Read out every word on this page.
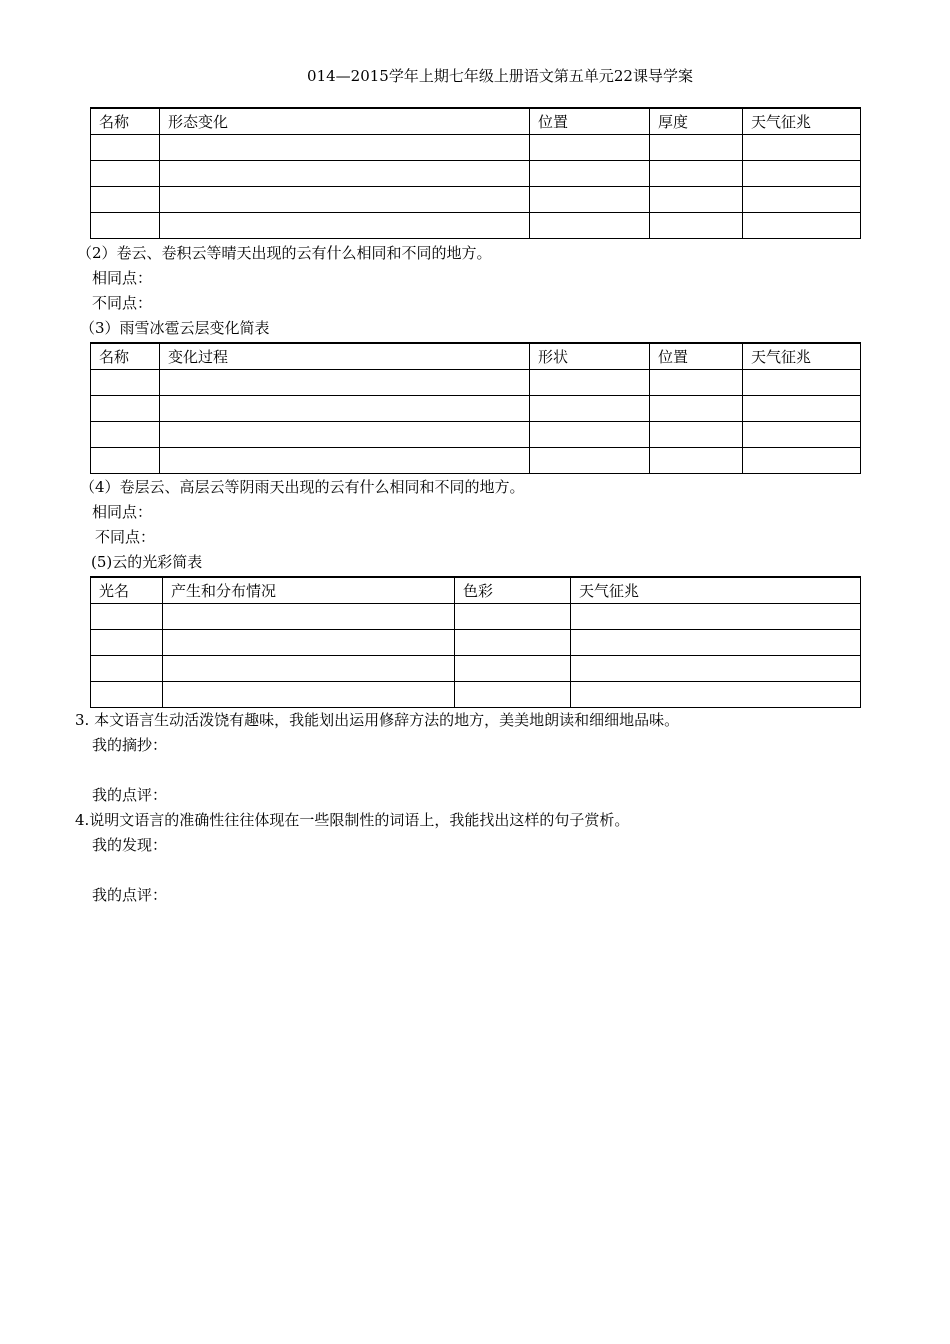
014—2015学年上期七年级上册语文第五单元22课导学案
名称	形态变化	位置	厚度	天气征兆

（2）卷云、卷积云等晴天出现的云有什么相同和不同的地方。
相同点：
不同点：
（3）雨雪冰雹云层变化简表
名称	变化过程	形状	位置	天气征兆

（4）卷层云、高层云等阴雨天出现的云有什么相同和不同的地方。
相同点：
不同点：
(5)云的光彩简表
光名	产生和分布情况	色彩	天气征兆

3. 本文语言生动活泼饶有趣味，我能划出运用修辞方法的地方，美美地朗读和细细地品味。
我的摘抄：
我的点评：
4.说明文语言的准确性往往体现在一些限制性的词语上，我能找出这样的句子赏析。
我的发现：
我的点评：
